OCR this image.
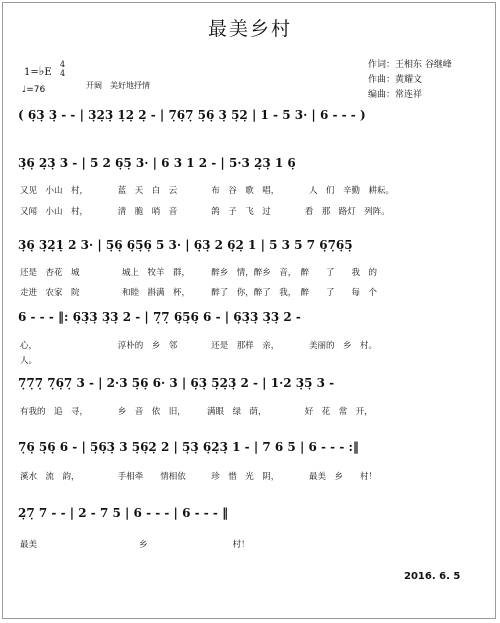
最美乡村
作词：王相东 谷继峰
作曲：黄耀文
编曲：常连祥
1=♭E
4
4
♩=76	开阔　美好地抒情
( 6̣3̣ 3̣ - - | 3̣2̣3̣ 1̣2̣ 2̣ - | 7̣6̣7̣ 5̣6̣ 3̣ 5̣2̣ | 1 - 5 3· | 6 - - - )
3̣6̣ 2̣3̣ 3 - | 5 2 6̣5̣ 3· | 6 3 1 2 - | 5·3 2̣3̣ 1 6̣
又见　小山　村，　　　　蓝　天　白　云　　　　布　谷　歌　唱，　　　　人　们　辛勤　耕耘。
又闻　小山　村，　　　　清　脆　哨　音　　　　鸽　子　飞　过　　　　看　那　路灯　列阵。
3̣6̣ 3̣2̣1̣ 2 3· | 5̣6̣ 6̣5̣6̣ 5 3· | 6̣3̣ 2 6̣2̣ 1 | 5 3 5 7 6̣7̣6̣5̣
还是　杏花　城　　　　　城上　牧羊　群，　　　醉乡　情，醉乡　音，　醉　　了　　我　的
走进　农家　院　　　　　和睦　斟满　杯，　　　醉了　你，醉了　我，　醉　　了　　每　个
6 - - - ‖: 6̣3̣3̣ 3̣3̣ 2 - | 7̣7̣ 6̣5̣6̣ 6 - | 6̣3̣3̣ 3̣3̣ 2 -
心，　　　　　　　　　　淳朴的　乡　邻　　　　还是　那样　亲，　　　　美丽的　乡　村。
人。
7̣7̣7̣ 7̣6̣7̣ 3 - | 2·3 5̣6̣ 6· 3 | 6̣3̣ 5̣2̣3̣ 2 - | 1·2 3̣5̣ 3 -
有我的　追　寻，　　　　乡　音　依　旧，　　　满眼　绿　荫，　　　　　好　花　常　开，
7̣6̣ 5̣6̣ 6 - | 5̣6̣3̣ 3 5̣6̣2̣ 2 | 5̣3̣ 6̣2̣3̣ 1 - | 7 6 5 | 6 - - - :‖
溪水　流　韵，　　　　　手相牵　　情相依　　　珍　惜　光　阴，　　　　最美　乡　　村！
2̣7̣ 7 - - | 2 - 7 5 | 6 - - - | 6 - - - ‖
最美　　　　　　　　　　　　乡　　　　　　　　　　村！
2016. 6. 5
